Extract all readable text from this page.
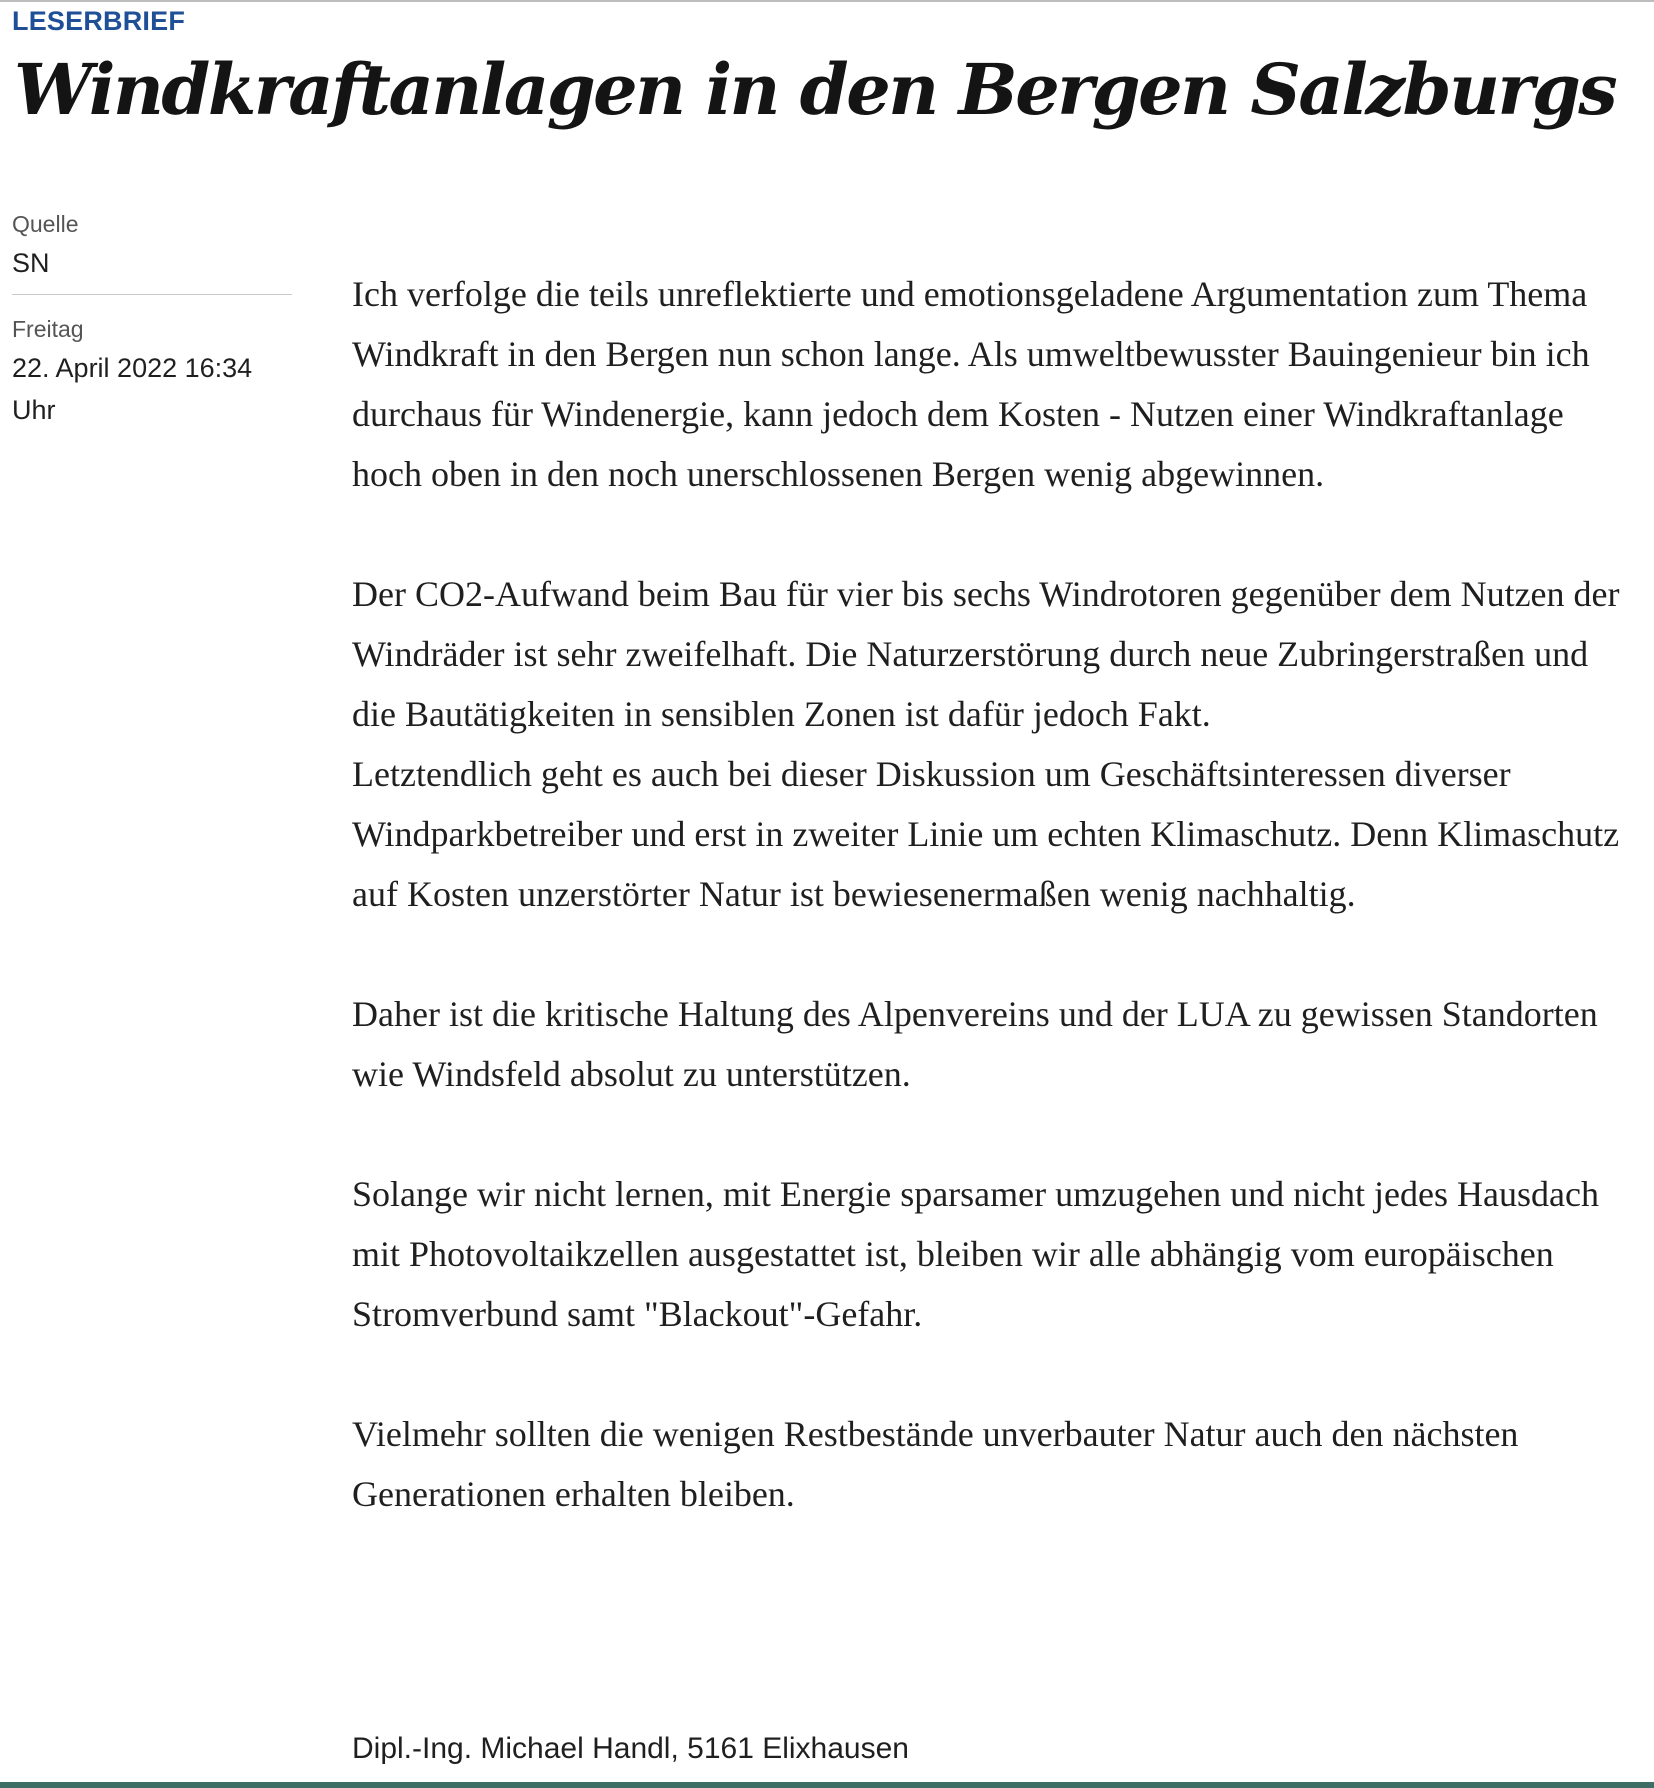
LESERBRIEF
Windkraftanlagen in den Bergen Salzburgs
Quelle
SN
Freitag
22. April 2022 16:34
Uhr

Ich verfolge die teils unreflektierte und emotionsgeladene Argumentation zum Thema Windkraft in den Bergen nun schon lange. Als umweltbewusster Bauingenieur bin ich durchaus für Windenergie, kann jedoch dem Kosten - Nutzen einer Windkraftanlage hoch oben in den noch unerschlossenen Bergen wenig abgewinnen.

Der CO2-Aufwand beim Bau für vier bis sechs Windrotoren gegenüber dem Nutzen der Windräder ist sehr zweifelhaft. Die Naturzerstörung durch neue Zubringerstraßen und die Bautätigkeiten in sensiblen Zonen ist dafür jedoch Fakt.

Letztendlich geht es auch bei dieser Diskussion um Geschäftsinteressen diverser Windparkbetreiber und erst in zweiter Linie um echten Klimaschutz. Denn Klimaschutz auf Kosten unzerstörter Natur ist bewiesenermaßen wenig nachhaltig.

Daher ist die kritische Haltung des Alpenvereins und der LUA zu gewissen Standorten wie Windsfeld absolut zu unterstützen.

Solange wir nicht lernen, mit Energie sparsamer umzugehen und nicht jedes Hausdach mit Photovoltaikzellen ausgestattet ist, bleiben wir alle abhängig vom europäischen Stromverbund samt "Blackout"-Gefahr.

Vielmehr sollten die wenigen Restbestände unverbauter Natur auch den nächsten Generationen erhalten bleiben.

Dipl.-Ing. Michael Handl, 5161 Elixhausen
